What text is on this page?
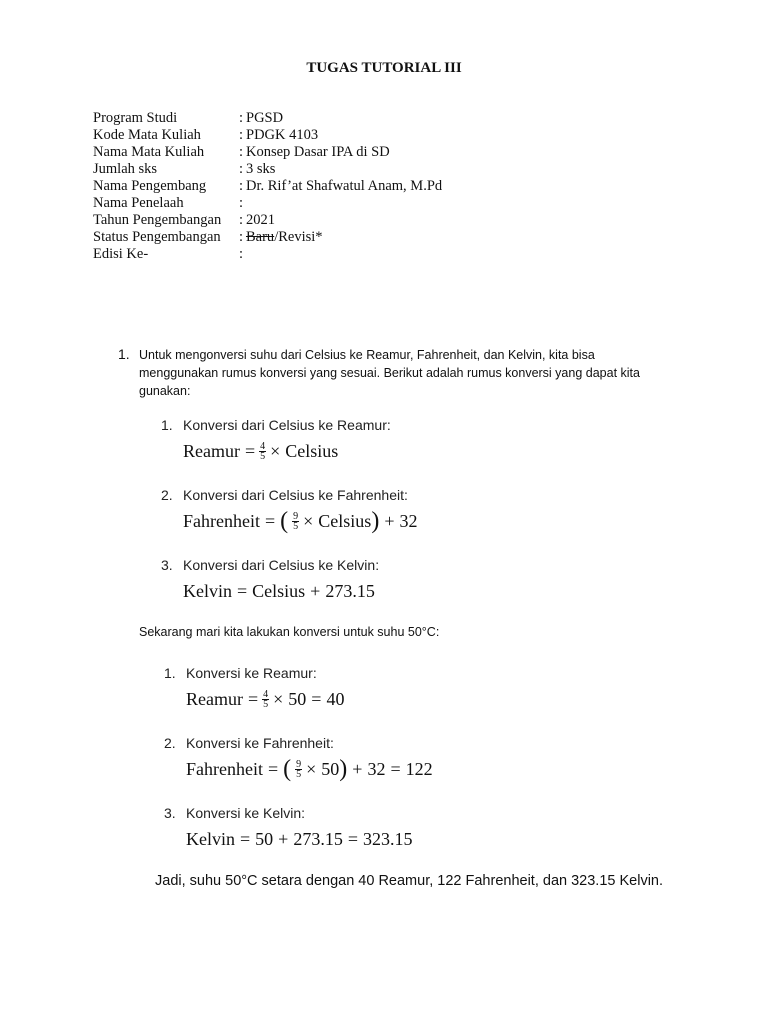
TUGAS TUTORIAL III
Program Studi	: PGSD
Kode Mata Kuliah	: PDGK 4103
Nama Mata Kuliah : Konsep Dasar IPA di SD
Jumlah sks	: 3 sks
Nama Pengembang : Dr. Rif’at Shafwatul Anam, M.Pd
Nama Penelaah	:
Tahun Pengembangan : 2021
Status Pengembangan : Baru/Revisi*
Edisi Ke-	:
1. Untuk mengonversi suhu dari Celsius ke Reamur, Fahrenheit, dan Kelvin, kita bisa
menggunakan rumus konversi yang sesuai. Berikut adalah rumus konversi yang dapat kita
gunakan:
1. Konversi dari Celsius ke Reamur:
Reamur = $\frac{4}{5}$ × Celsius
2. Konversi dari Celsius ke Fahrenheit:
Fahrenheit = ( $\frac{9}{5}$ × Celsius ) + 32
3. Konversi dari Celsius ke Kelvin:
Kelvin = Celsius + 273.15
Sekarang mari kita lakukan konversi untuk suhu 50°C:
1. Konversi ke Reamur:
Reamur = $\frac{4}{5} \times 50 = 40$
2. Konversi ke Fahrenheit:
Fahrenheit = ( $\frac{9}{5} \times 50$ ) + 32 = 122
3. Konversi ke Kelvin:
Kelvin = 50 + 273.15 = 323.15
Jadi, suhu 50°C setara dengan 40 Reamur, 122 Fahrenheit, dan 323.15 Kelvin.
